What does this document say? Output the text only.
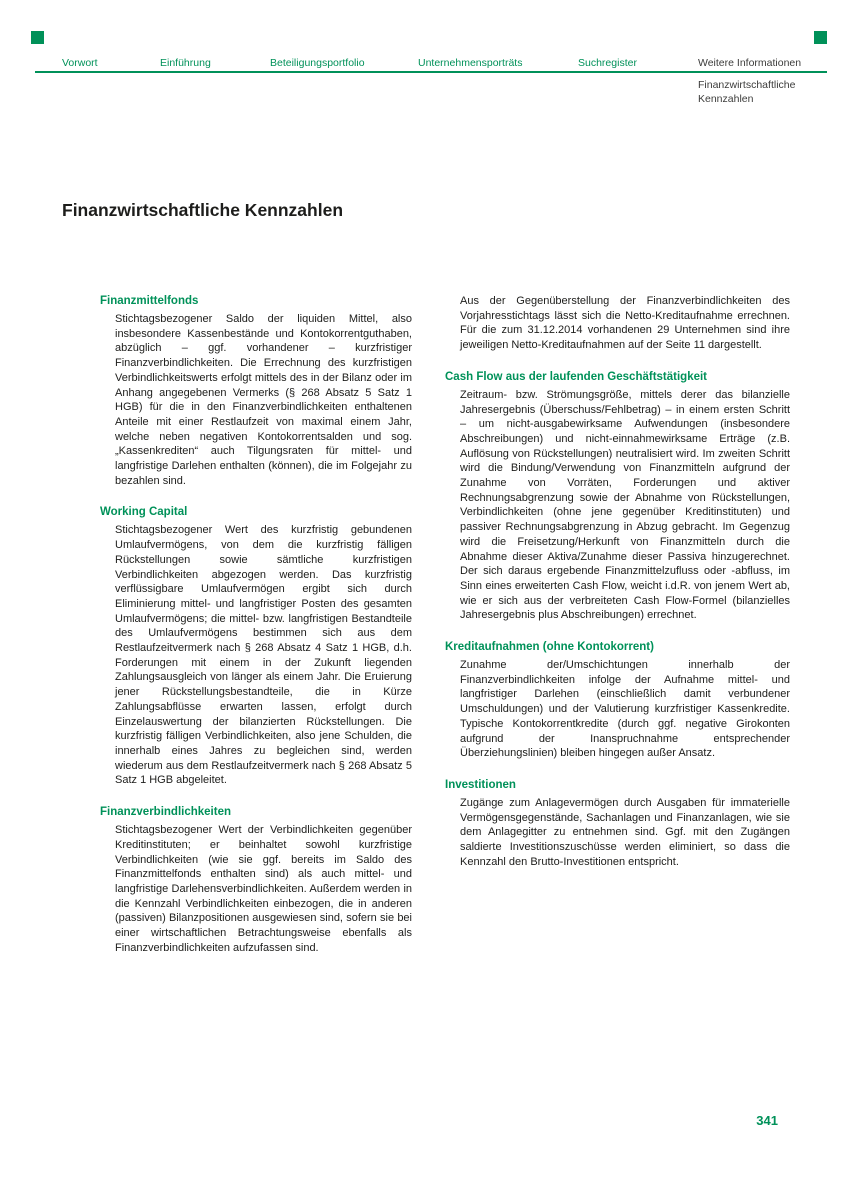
Vorwort	Einführung	Beteiligungsportfolio	Unternehmensporträts	Suchregister	Weitere Informationen
Finanzwirtschaftliche
Kennzahlen
Finanzwirtschaftliche Kennzahlen
Finanzmittelfonds

Stichtagsbezogener Saldo der liquiden Mittel, also insbesondere Kassenbestände und Kontokorrentguthaben, abzüglich – ggf. vorhandener – kurzfristiger Finanzverbindlichkeiten. Die Errechnung des kurzfristigen Verbindlichkeitswerts erfolgt mittels des in der Bilanz oder im Anhang angegebenen Vermerks (§ 268 Absatz 5 Satz 1 HGB) für die in den Finanzverbindlichkeiten enthaltenen Anteile mit einer Restlaufzeit von maximal einem Jahr, welche neben negativen Kontokorrentsalden und sog. „Kassenkrediten“ auch Tilgungsraten für mittel- und langfristige Darlehen enthalten (können), die im Folgejahr zu bezahlen sind.

Working Capital

Stichtagsbezogener Wert des kurzfristig gebundenen Umlaufvermögens, von dem die kurzfristig fälligen Rückstellungen sowie sämtliche kurzfristigen Verbindlichkeiten abgezogen werden. Das kurzfristig verflüssigbare Umlaufvermögen ergibt sich durch Eliminierung mittel- und langfristiger Posten des gesamten Umlaufvermögens; die mittel- bzw. langfristigen Bestandteile des Umlaufvermögens bestimmen sich aus dem Restlaufzeitvermerk nach § 268 Absatz 4 Satz 1 HGB, d.h. Forderungen mit einem in der Zukunft liegenden Zahlungsausgleich von länger als einem Jahr. Die Eruierung jener Rückstellungsbestandteile, die in Kürze Zahlungsabflüsse erwarten lassen, erfolgt durch Einzelauswertung der bilanzierten Rückstellungen. Die kurzfristig fälligen Verbindlichkeiten, also jene Schulden, die innerhalb eines Jahres zu begleichen sind, werden wiederum aus dem Restlaufzeitvermerk nach § 268 Absatz 5 Satz 1 HGB abgeleitet.

Finanzverbindlichkeiten

Stichtagsbezogener Wert der Verbindlichkeiten gegenüber Kreditinstituten; er beinhaltet sowohl kurzfristige Verbindlichkeiten (wie sie ggf. bereits im Saldo des Finanzmittelfonds enthalten sind) als auch mittel- und langfristige Darlehensverbindlichkeiten. Außerdem werden in die Kennzahl Verbindlichkeiten einbezogen, die in anderen (passiven) Bilanzpositionen ausgewiesen sind, sofern sie bei einer wirtschaftlichen Betrachtungsweise ebenfalls als Finanzverbindlichkeiten aufzufassen sind.

Aus der Gegenüberstellung der Finanzverbindlichkeiten des Vorjahresstichtags lässt sich die Netto-Kreditaufnahme errechnen. Für die zum 31.12.2014 vorhandenen 29 Unternehmen sind ihre jeweiligen Netto-Kreditaufnahmen auf der Seite 11 dargestellt.

Cash Flow aus der laufenden Geschäftstätigkeit

Zeitraum- bzw. Strömungsgröße, mittels derer das bilanzielle Jahresergebnis (Überschuss/Fehlbetrag) – in einem ersten Schritt – um nicht-ausgabewirksame Aufwendungen (insbesondere Abschreibungen) und nicht-einnahmewirksame Erträge (z.B. Auflösung von Rückstellungen) neutralisiert wird. Im zweiten Schritt wird die Bindung/Verwendung von Finanzmitteln aufgrund der Zunahme von Vorräten, Forderungen und aktiver Rechnungsabgrenzung sowie der Abnahme von Rückstellungen, Verbindlichkeiten (ohne jene gegenüber Kreditinstituten) und passiver Rechnungsabgrenzung in Abzug gebracht. Im Gegenzug wird die Freisetzung/Herkunft von Finanzmitteln durch die Abnahme dieser Aktiva/Zunahme dieser Passiva hinzugerechnet. Der sich daraus ergebende Finanzmittelzufluss oder -abfluss, im Sinn eines erweiterten Cash Flow, weicht i.d.R. von jenem Wert ab, wie er sich aus der verbreiteten Cash Flow-Formel (bilanzielles Jahresergebnis plus Abschreibungen) errechnet.

Kreditaufnahmen (ohne Kontokorrent)

Zunahme der/Umschichtungen innerhalb der Finanzverbindlichkeiten infolge der Aufnahme mittel- und langfristiger Darlehen (einschließlich damit verbundener Umschuldungen) und der Valutierung kurzfristiger Kassenkredite. Typische Kontokorrentkredite (durch ggf. negative Girokonten aufgrund der Inanspruchnahme entsprechender Überziehungslinien) bleiben hingegen außer Ansatz.

Investitionen

Zugänge zum Anlagevermögen durch Ausgaben für immaterielle Vermögensgegenstände, Sachanlagen und Finanzanlagen, wie sie dem Anlagegitter zu entnehmen sind. Ggf. mit den Zugängen saldierte Investitionszuschüsse werden eliminiert, so dass die Kennzahl den Brutto-Investitionen entspricht.

341
